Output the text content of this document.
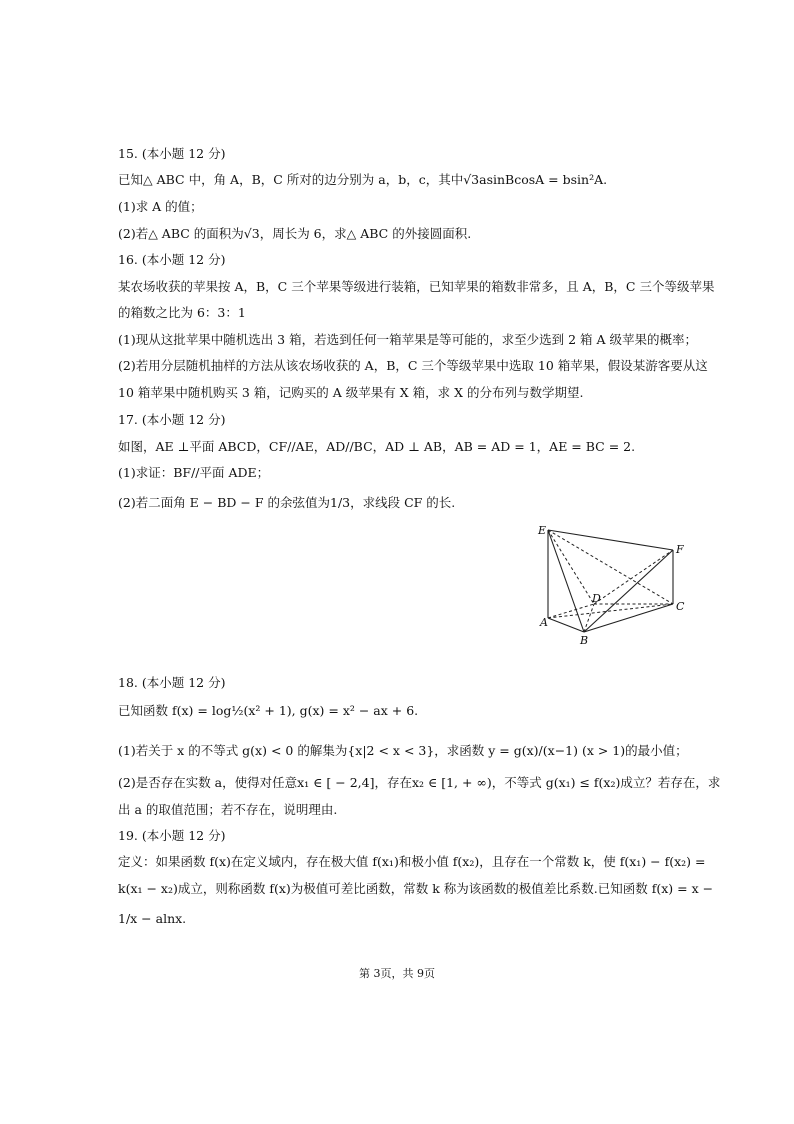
15. (本小题 12 分)
已知△ ABC 中，角 A，B，C 所对的边分别为 a，b，c，其中√3asinBcosA = bsin²A.
(1)求 A 的值；
(2)若△ ABC 的面积为√3，周长为 6，求△ ABC 的外接圆面积.
16. (本小题 12 分)
某农场收获的苹果按 A，B，C 三个苹果等级进行装箱，已知苹果的箱数非常多，且 A，B，C 三个等级苹果
的箱数之比为 6：3：1
(1)现从这批苹果中随机选出 3 箱，若选到任何一箱苹果是等可能的，求至少选到 2 箱 A 级苹果的概率；
(2)若用分层随机抽样的方法从该农场收获的 A，B，C 三个等级苹果中选取 10 箱苹果，假设某游客要从这
10 箱苹果中随机购买 3 箱，记购买的 A 级苹果有 X 箱，求 X 的分布列与数学期望.
17. (本小题 12 分)
如图，AE ⊥平面 ABCD，CF//AE，AD//BC，AD ⊥ AB，AB = AD = 1，AE = BC = 2.
(1)求证：BF//平面 ADE；
(2)若二面角 E − BD − F 的余弦值为1/3，求线段 CF 的长.
E
F
D
C
A
B
18. (本小题 12 分)
已知函数 f(x) = log½(x² + 1), g(x) = x² − ax + 6.
(1)若关于 x 的不等式 g(x) < 0 的解集为{x|2 < x < 3}，求函数 y = g(x)/(x−1) (x > 1)的最小值；
(2)是否存在实数 a，使得对任意x₁ ∈ [ − 2,4]，存在x₂ ∈ [1, + ∞)，不等式 g(x₁) ≤ f(x₂)成立？若存在，求
出 a 的取值范围；若不存在，说明理由.
19. (本小题 12 分)
定义：如果函数 f(x)在定义域内，存在极大值 f(x₁)和极小值 f(x₂)，且存在一个常数 k，使 f(x₁) − f(x₂) =
k(x₁ − x₂)成立，则称函数 f(x)为极值可差比函数，常数 k 称为该函数的极值差比系数.已知函数 f(x) = x −
1/x − alnx.
第 3页，共 9页
